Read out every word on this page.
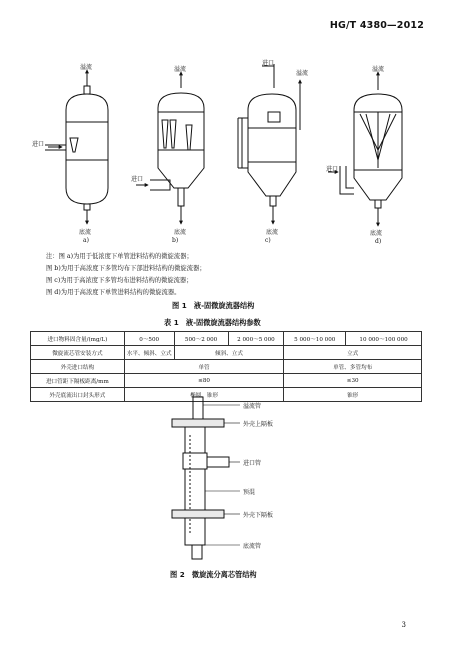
HG/T 4380—2012
溢流
进口
底流
a)
溢流
进口
底流
b)
进口
溢流
底流
c)
溢流
进口
底流
d)
注：图 a)为用于低浓度下单管进料结构的微旋流器；
图 b)为用于高浓度下多管均布下部进料结构的微旋流器；
图 c)为用于高浓度下多管均布进料结构的微旋流器；
图 d)为用于高浓度下单管进料结构的微旋流器。
图 1　液-固微旋流器结构
表 1　液-固微旋流器结构参数
进口物料固含量/(mg/L)	0～500	500～2 000	2 000～5 000	5 000～10 000	10 000～100 000
微旋流芯管安装方式	水平、倾斜、立式	倾斜、立式		立式	
外壳进口结构	单管			单管、多管均布	
进口管距下隔板距离/mm	≤80			≤30	
外壳底流出口封头形式	椭圆、锥形			锥形	
溢流管
外壳上隔板
进口管
预混
外壳下隔板
底流管
图 2　微旋流分离芯管结构
3
